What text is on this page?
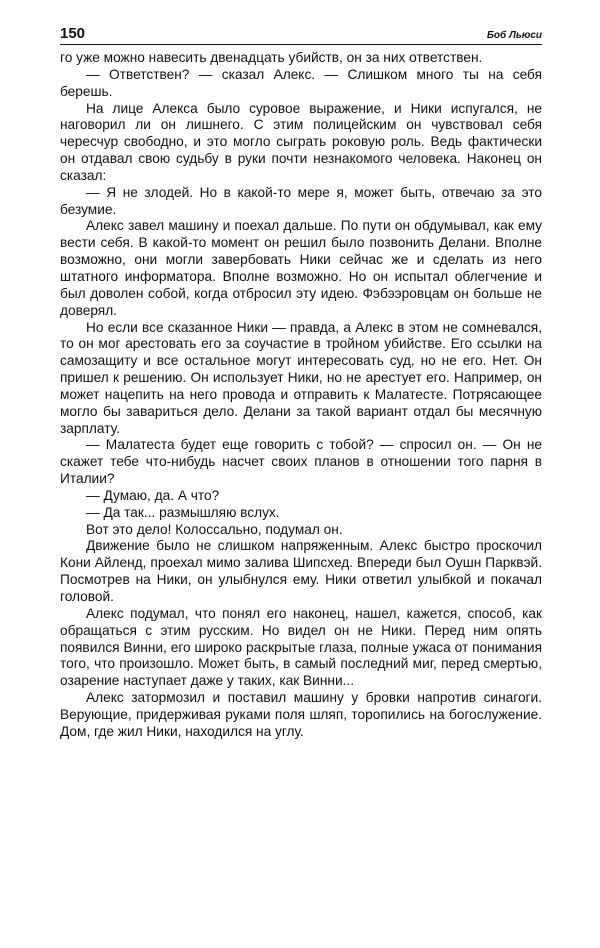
150	Боб Льюси

го уже можно навесить двенадцать убийств, он за них ответствен.

— Ответствен? — сказал Алекс. — Слишком много ты на себя берешь.

На лице Алекса было суровое выражение, и Ники испугался, не наговорил ли он лишнего. С этим полицейским он чувствовал себя чересчур свободно, и это могло сыграть роковую роль. Ведь фактически он отдавал свою судьбу в руки почти незнакомого человека. Наконец он сказал:

— Я не злодей. Но в какой-то мере я, может быть, отвечаю за это безумие.

Алекс завел машину и поехал дальше. По пути он обдумывал, как ему вести себя. В какой-то момент он решил было позвонить Делани. Вполне возможно, они могли завербовать Ники сейчас же и сделать из него штатного информатора. Вполне возможно. Но он испытал облегчение и был доволен собой, когда отбросил эту идею. Фэбээровцам он больше не доверял.

Но если все сказанное Ники — правда, а Алекс в этом не сомневался, то он мог арестовать его за соучастие в тройном убийстве. Его ссылки на самозащиту и все остальное могут интересовать суд, но не его. Нет. Он пришел к решению. Он использует Ники, но не арестует его. Например, он может нацепить на него провода и отправить к Малатесте. Потрясающее могло бы завариться дело. Делани за такой вариант отдал бы месячную зарплату.

— Малатеста будет еще говорить с тобой? — спросил он. — Он не скажет тебе что-нибудь насчет своих планов в отношении того парня в Италии?

— Думаю, да. А что?

— Да так... размышляю вслух.

Вот это дело! Колоссально, подумал он.

Движение было не слишком напряженным. Алекс быстро проскочил Кони Айленд, проехал мимо залива Шипсхед. Впереди был Оушн Парквэй. Посмотрев на Ники, он улыбнулся ему. Ники ответил улыбкой и покачал головой.

Алекс подумал, что понял его наконец, нашел, кажется, способ, как обращаться с этим русским. Но видел он не Ники. Перед ним опять появился Винни, его широко раскрытые глаза, полные ужаса от понимания того, что произошло. Может быть, в самый последний миг, перед смертью, озарение наступает даже у таких, как Винни...

Алекс затормозил и поставил машину у бровки напротив синагоги. Верующие, придерживая руками поля шляп, торопились на богослужение. Дом, где жил Ники, находился на углу.
